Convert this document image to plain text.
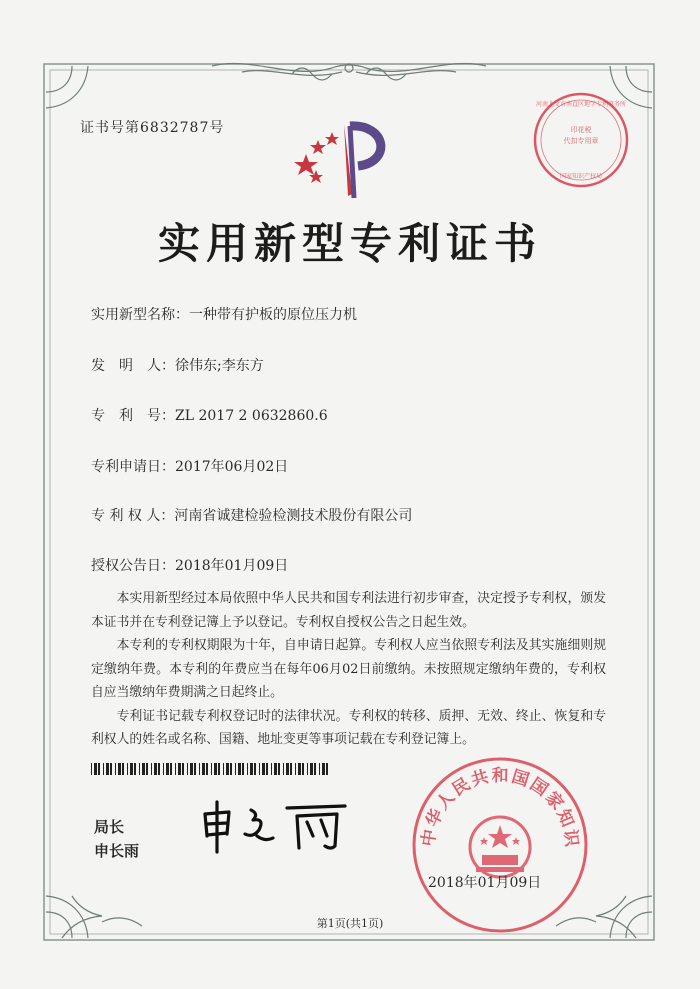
证书号第6832787号
河南北文市南直区地学专利事务所
印花税
代扣专用章
国家知识产权局
实用新型专利证书
实用新型名称：一种带有护板的原位压力机
发　明　人：徐伟东;李东方
专　利　号：ZL 2017 2 0632860.6
专利申请日：2017年06月02日
专 利 权 人：河南省诚建检验检测技术股份有限公司
授权公告日：2018年01月09日

本实用新型经过本局依照中华人民共和国专利法进行初步审查，决定授予专利权，颁发本证书并在专利登记簿上予以登记。专利权自授权公告之日起生效。

本专利的专利权期限为十年，自申请日起算。专利权人应当依照专利法及其实施细则规定缴纳年费。本专利的年费应当在每年06月02日前缴纳。未按照规定缴纳年费的，专利权自应当缴纳年费期满之日起终止。

专利证书记载专利权登记时的法律状况。专利权的转移、质押、无效、终止、恢复和专利权人的姓名或名称、国籍、地址变更等事项记载在专利登记簿上。

局长
申长雨
中华人民共和国国家知识
2018年01月09日
第1页(共1页)
